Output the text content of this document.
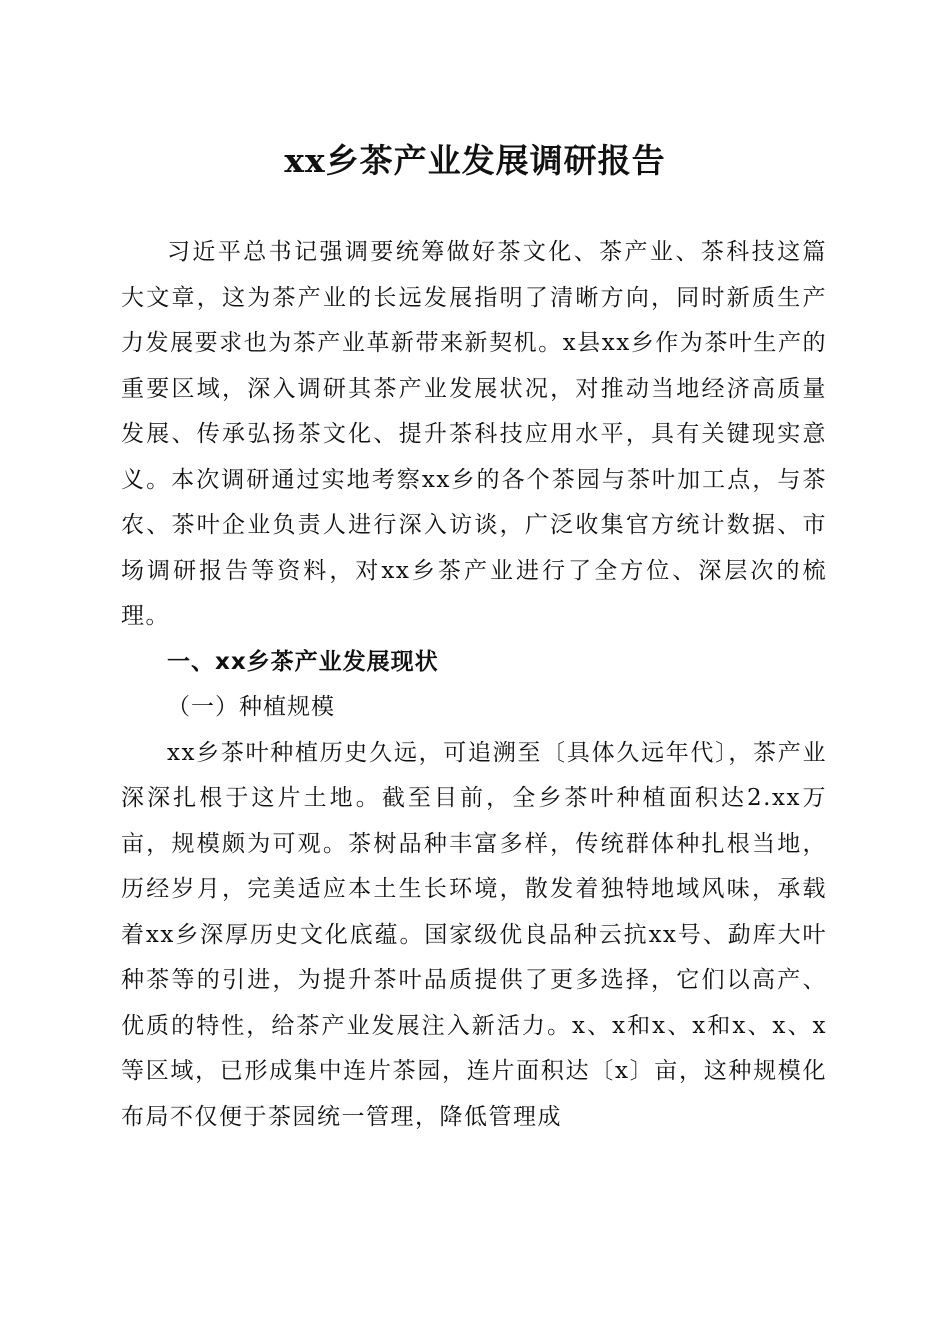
xx乡茶产业发展调研报告

习近平总书记强调要统筹做好茶文化、茶产业、茶科技这篇大文章，这为茶产业的长远发展指明了清晰方向，同时新质生产力发展要求也为茶产业革新带来新契机。x县xx乡作为茶叶生产的重要区域，深入调研其茶产业发展状况，对推动当地经济高质量发展、传承弘扬茶文化、提升茶科技应用水平，具有关键现实意义。本次调研通过实地考察xx乡的各个茶园与茶叶加工点，与茶农、茶叶企业负责人进行深入访谈，广泛收集官方统计数据、市场调研报告等资料，对xx乡茶产业进行了全方位、深层次的梳理。

一、xx乡茶产业发展现状

（一）种植规模

xx乡茶叶种植历史久远，可追溯至〔具体久远年代〕，茶产业深深扎根于这片土地。截至目前，全乡茶叶种植面积达2.xx万亩，规模颇为可观。茶树品种丰富多样，传统群体种扎根当地，历经岁月，完美适应本土生长环境，散发着独特地域风味，承载着xx乡深厚历史文化底蕴。国家级优良品种云抗xx号、勐库大叶种茶等的引进，为提升茶叶品质提供了更多选择，它们以高产、优质的特性，给茶产业发展注入新活力。x、x和x、x和x、x、x等区域，已形成集中连片茶园，连片面积达〔x〕亩，这种规模化布局不仅便于茶园统一管理，降低管理成
